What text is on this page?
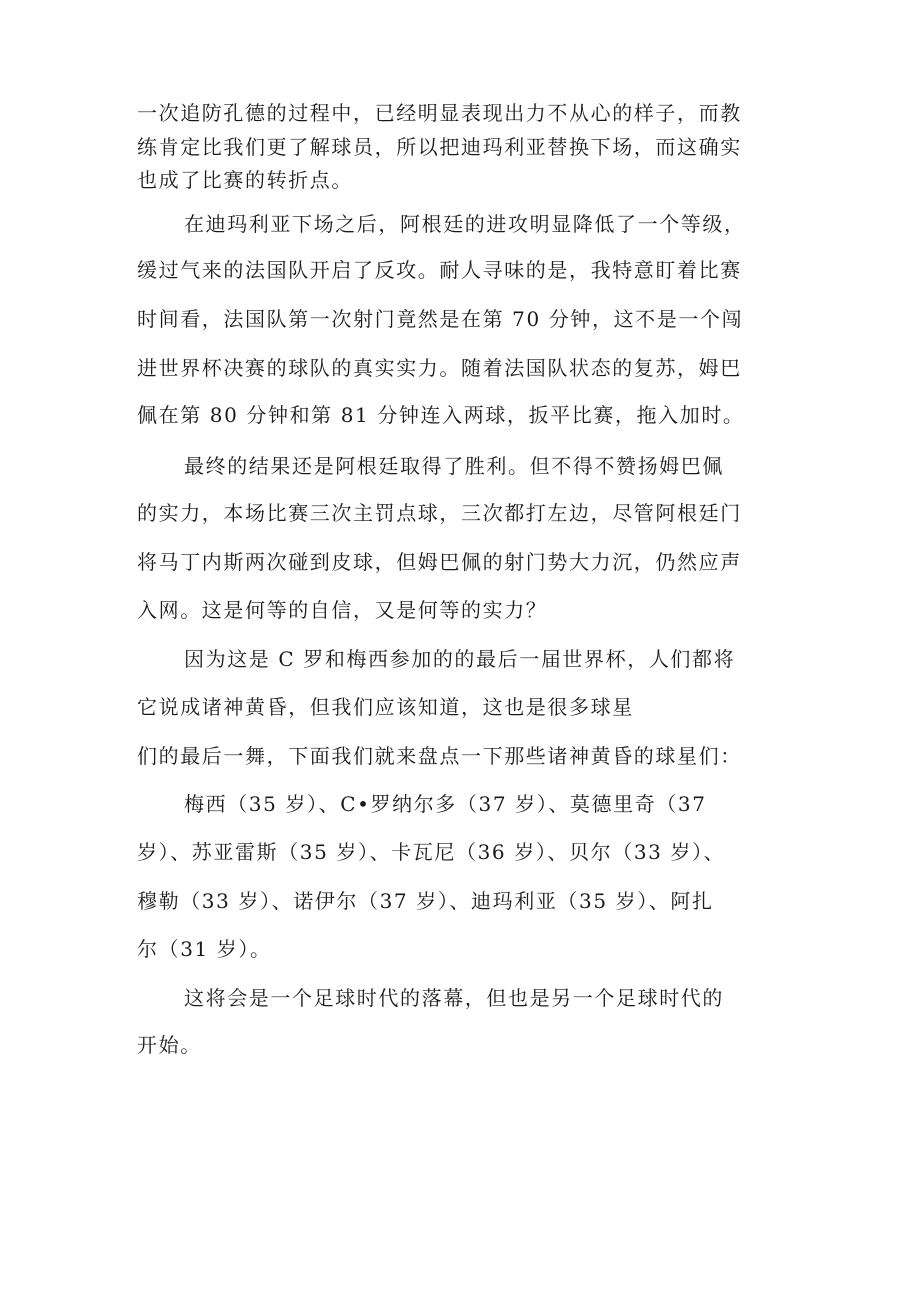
一次追防孔德的过程中，已经明显表现出力不从心的样子，而教
练肯定比我们更了解球员，所以把迪玛利亚替换下场，而这确实
也成了比赛的转折点。
在迪玛利亚下场之后，阿根廷的进攻明显降低了一个等级，
缓过气来的法国队开启了反攻。耐人寻味的是，我特意盯着比赛
时间看，法国队第一次射门竟然是在第 70 分钟，这不是一个闯
进世界杯决赛的球队的真实实力。随着法国队状态的复苏，姆巴
佩在第 80 分钟和第 81 分钟连入两球，扳平比赛，拖入加时。
最终的结果还是阿根廷取得了胜利。但不得不赞扬姆巴佩
的实力，本场比赛三次主罚点球，三次都打左边，尽管阿根廷门
将马丁内斯两次碰到皮球，但姆巴佩的射门势大力沉，仍然应声
入网。这是何等的自信，又是何等的实力？
因为这是 C 罗和梅西参加的的最后一届世界杯，人们都将
它说成诸神黄昏，但我们应该知道，这也是很多球星
们的最后一舞，下面我们就来盘点一下那些诸神黄昏的球星们：
梅西（35 岁）、C•罗纳尔多（37 岁）、莫德里奇（37
岁）、苏亚雷斯（35 岁）、卡瓦尼（36 岁）、贝尔（33 岁）、
穆勒（33 岁）、诺伊尔（37 岁）、迪玛利亚（35 岁）、阿扎
尔（31 岁）。
这将会是一个足球时代的落幕，但也是另一个足球时代的
开始。
